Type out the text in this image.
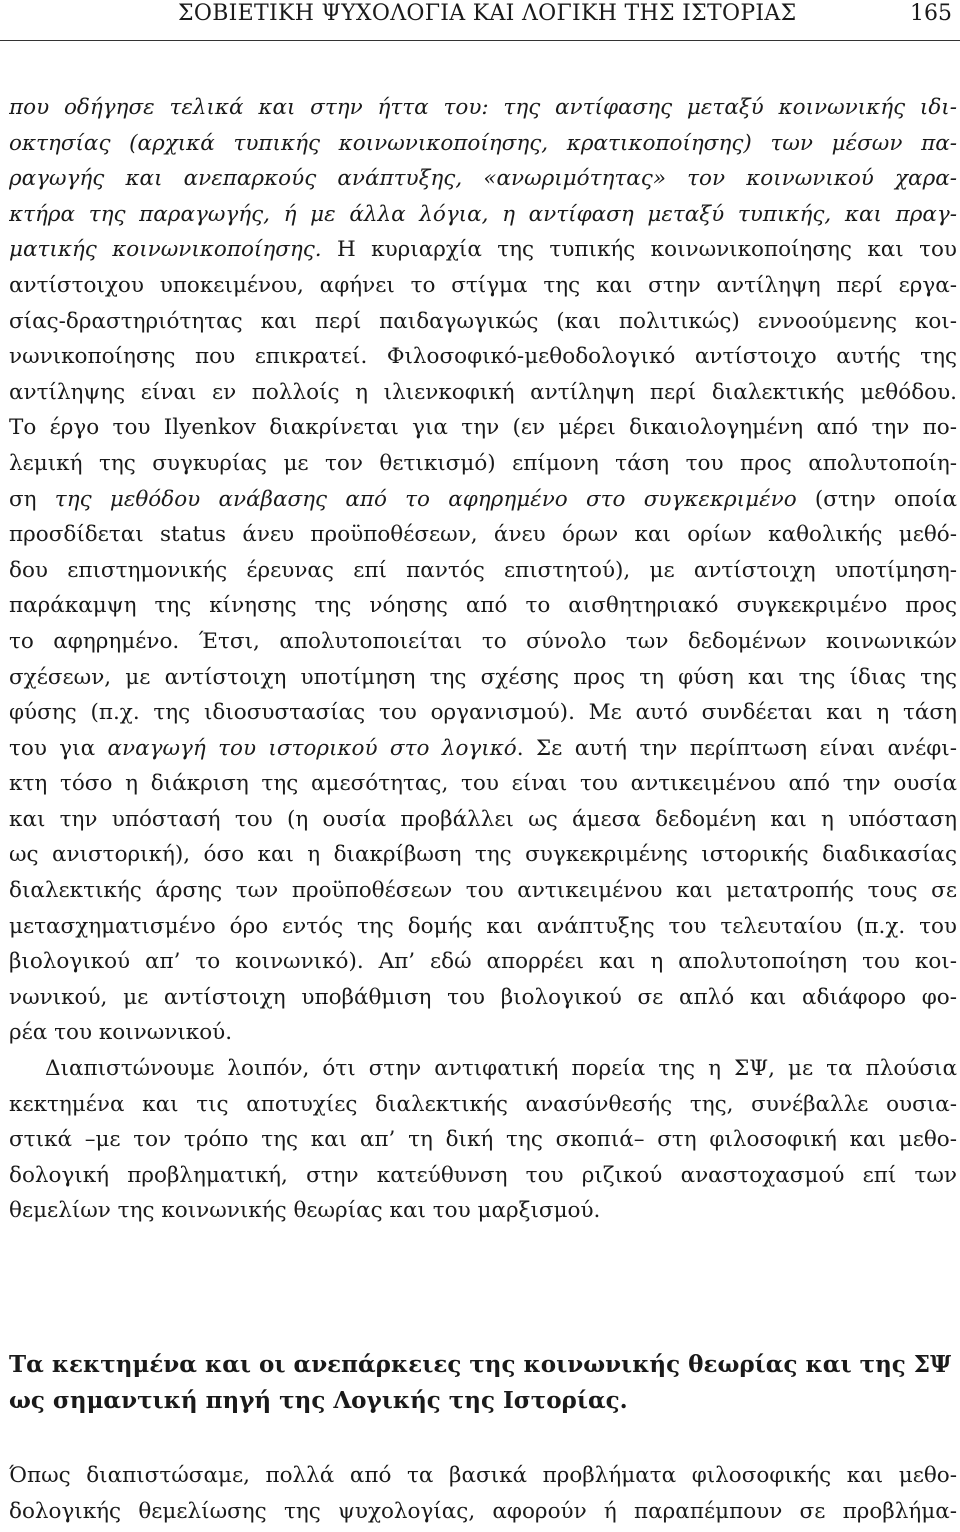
ΣΟΒΙΕΤΙΚΗ ΨΥΧΟΛΟΓΙΑ ΚΑΙ ΛΟΓΙΚΗ ΤΗΣ ΙΣΤΟΡΙΑΣ	165
που οδήγησε τελικά και στην ήττα του: της αντίφασης μεταξύ κοινωνικής ιδι-
οκτησίας (αρχικά τυπικής κοινωνικοποίησης, κρατικοποίησης) των μέσων πα-
ραγωγής και ανεπαρκούς ανάπτυξης, «ανωριμότητας» τον κοινωνικού χαρα-
κτήρα της παραγωγής, ή με άλλα λόγια, η αντίφαση μεταξύ τυπικής, και πραγ-
ματικής κοινωνικοποίησης. Η κυριαρχία της τυπικής κοινωνικοποίησης και του
αντίστοιχου υποκειμένου, αφήνει το στίγμα της και στην αντίληψη περί εργα-
σίας-δραστηριότητας και περί παιδαγωγικώς (και πολιτικώς) εννοούμενης κοι-
νωνικοποίησης που επικρατεί. Φιλοσοφικό-μεθοδολογικό αντίστοιχο αυτής της
αντίληψης είναι εν πολλοίς η ιλιενκοφική αντίληψη περί διαλεκτικής μεθόδου.
Το έργο του Ilyenkov διακρίνεται για την (εν μέρει δικαιολογημένη από την πο-
λεμική της συγκυρίας με τον θετικισμό) επίμονη τάση του προς απολυτοποίη-
ση της μεθόδου ανάβασης από το αφηρημένο στο συγκεκριμένο (στην οποία
προσδίδεται status άνευ προϋποθέσεων, άνευ όρων και ορίων καθολικής μεθό-
δου επιστημονικής έρευνας επί παντός επιστητού), με αντίστοιχη υποτίμηση-
παράκαμψη της κίνησης της νόησης από το αισθητηριακό συγκεκριμένο προς
το αφηρημένο. Έτσι, απολυτοποιείται το σύνολο των δεδομένων κοινωνικών
σχέσεων, με αντίστοιχη υποτίμηση της σχέσης προς τη φύση και της ίδιας της
φύσης (π.χ. της ιδιοσυστασίας του οργανισμού). Με αυτό συνδέεται και η τάση
του για αναγωγή του ιστορικού στο λογικό. Σε αυτή την περίπτωση είναι ανέφι-
κτη τόσο η διάκριση της αμεσότητας, του είναι του αντικειμένου από την ουσία
και την υπόστασή του (η ουσία προβάλλει ως άμεσα δεδομένη και η υπόσταση
ως ανιστορική), όσο και η διακρίβωση της συγκεκριμένης ιστορικής διαδικασίας
διαλεκτικής άρσης των προϋποθέσεων του αντικειμένου και μετατροπής τους σε
μετασχηματισμένο όρο εντός της δομής και ανάπτυξης του τελευταίου (π.χ. του
βιολογικού απ’ το κοινωνικό). Απ’ εδώ απορρέει και η απολυτοποίηση του κοι-
νωνικού, με αντίστοιχη υποβάθμιση του βιολογικού σε απλό και αδιάφορο φο-
ρέα του κοινωνικού.
Διαπιστώνουμε λοιπόν, ότι στην αντιφατική πορεία της η ΣΨ, με τα πλούσια
κεκτημένα και τις αποτυχίες διαλεκτικής ανασύνθεσής της, συνέβαλλε ουσια-
στικά –με τον τρόπο της και απ’ τη δική της σκοπιά– στη φιλοσοφική και μεθο-
δολογική προβληματική, στην κατεύθυνση του ριζικού αναστοχασμού επί των
θεμελίων της κοινωνικής θεωρίας και του μαρξισμού.
Τα κεκτημένα και οι ανεπάρκειες της κοινωνικής θεωρίας και της ΣΨ
ως σημαντική πηγή της Λογικής της Ιστορίας.
Όπως διαπιστώσαμε, πολλά από τα βασικά προβλήματα φιλοσοφικής και μεθο-
δολογικής θεμελίωσης της ψυχολογίας, αφορούν ή παραπέμπουν σε προβλήμα-
